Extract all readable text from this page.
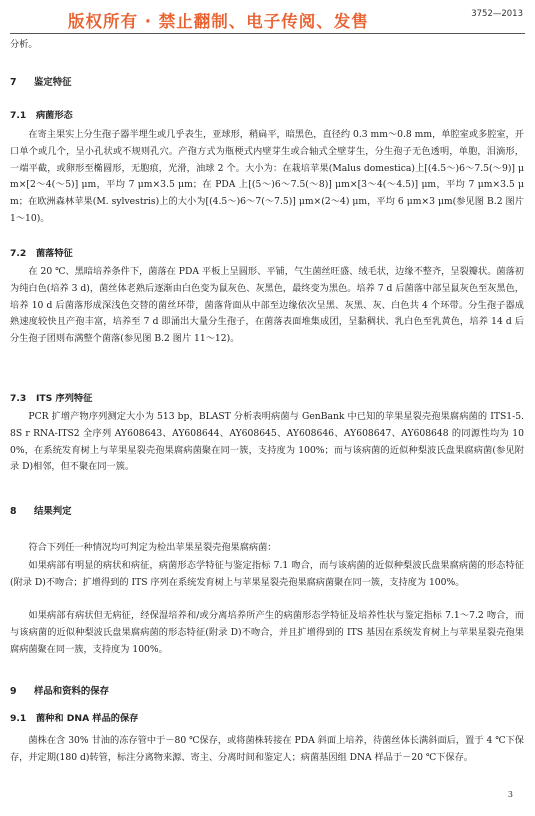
版权所有 · 禁止翻制、电子传阅、发售	3752—2013
分析。
7 鉴定特征
7.1 病菌形态
在寄主果实上分生孢子器半埋生或几乎表生，亚球形，稍扁平，暗黑色，直径约 0.3 mm～0.8 mm，单腔室或多腔室，开口单个或几个，呈小孔状或不规则孔穴。产孢方式为瓶梗式内壁芽生或合轴式全壁芽生，分生孢子无色透明，单胞，泪滴形，一端平截，或卵形至椭圆形，无胞痕，光滑，油球 2 个。大小为：在栽培苹果(Malus domestica)上[(4.5～)6～7.5(～9)] μm×[2～4(～5)] μm，平均 7 μm×3.5 μm；在 PDA 上[(5～)6～7.5(～8)] μm×[3～4(～4.5)] μm，平均 7 μm×3.5 μm；在欧洲森林苹果(M. sylvestris)上的大小为[(4.5～)6～7(～7.5)] μm×(2～4) μm，平均 6 μm×3 μm(参见图 B.2 图片 1～10)。
7.2 菌落特征
在 20 ℃、黑暗培养条件下，菌落在 PDA 平板上呈圆形、平铺，气生菌丝旺盛、绒毛状，边缘不整齐，呈裂瓣状。菌落初为纯白色(培养 3 d)，菌丝体老熟后逐渐由白色变为鼠灰色、灰黑色，最终变为黑色。培养 7 d 后菌落中部呈鼠灰色至灰黑色，培养 10 d 后菌落形成深浅色交替的菌丝环带，菌落背面从中部至边缘依次呈黑、灰黑、灰、白色共 4 个环带。分生孢子器成熟速度较快且产孢丰富，培养至 7 d 即涌出大量分生孢子，在菌落表面堆集成团，呈黏稠状、乳白色至乳黄色，培养 14 d 后分生孢子团则布满整个菌落(参见图 B.2 图片 11～12)。
7.3 ITS 序列特征
PCR 扩增产物序列测定大小为 513 bp，BLAST 分析表明病菌与 GenBank 中已知的苹果星裂壳孢果腐病菌的 ITS1-5.8S r RNA-ITS2 全序列 AY608643、AY608644、AY608645、AY608646、AY608647、AY608648 的同源性均为 100%，在系统发育树上与苹果星裂壳孢果腐病菌聚在同一簇，支持度为 100%；而与该病菌的近似种梨波氏盘果腐病菌(参见附录 D)相邻，但不聚在同一簇。
8 结果判定
符合下列任一种情况均可判定为检出苹果星裂壳孢果腐病菌：
如果病部有明显的病状和病征，病菌形态学特征与鉴定指标 7.1 吻合，而与该病菌的近似种梨波氏盘果腐病菌的形态特征(附录 D)不吻合；扩增得到的 ITS 序列在系统发育树上与苹果星裂壳孢果腐病菌聚在同一簇，支持度为 100%。
如果病部有病状但无病征，经保湿培养和/或分离培养所产生的病菌形态学特征及培养性状与鉴定指标 7.1～7.2 吻合，而与该病菌的近似种梨波氏盘果腐病菌的形态特征(附录 D)不吻合，并且扩增得到的 ITS 基因在系统发育树上与苹果星裂壳孢果腐病菌聚在同一簇，支持度为 100%。
9 样品和资料的保存
9.1 菌种和 DNA 样品的保存
菌株在含 30% 甘油的冻存管中于－80 ℃保存，或将菌株转接在 PDA 斜面上培养，待菌丝体长满斜面后，置于 4 ℃下保存，并定期(180 d)转管，标注分离物来源、寄主、分离时间和鉴定人；病菌基因组 DNA 样品于－20 ℃下保存。
3
